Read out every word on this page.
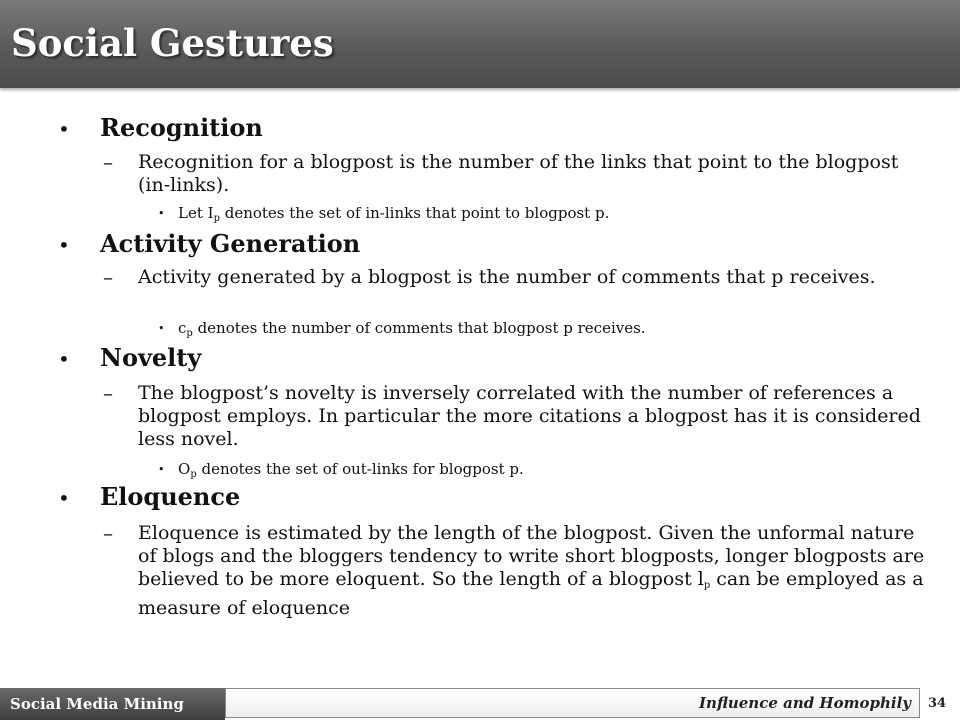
Social Gestures
• Recognition
– Recognition for a blogpost is the number of the links that point to the blogpost (in-links).
• Let $I_p$ denotes the set of in-links that point to blogpost p.
• Activity Generation
– Activity generated by a blogpost is the number of comments that p receives.
• $c_p$ denotes the number of comments that blogpost p receives.
• Novelty
– The blogpost’s novelty is inversely correlated with the number of references a blogpost employs. In particular the more citations a blogpost has it is considered less novel.
• $O_p$ denotes the set of out-links for blogpost p.
• Eloquence
– Eloquence is estimated by the length of the blogpost. Given the unformal nature of blogs and the bloggers tendency to write short blogposts, longer blogposts are believed to be more eloquent. So the length of a blogpost $l_p$ can be employed as a measure of eloquence
Social Media Mining	Influence and Homophily	34
